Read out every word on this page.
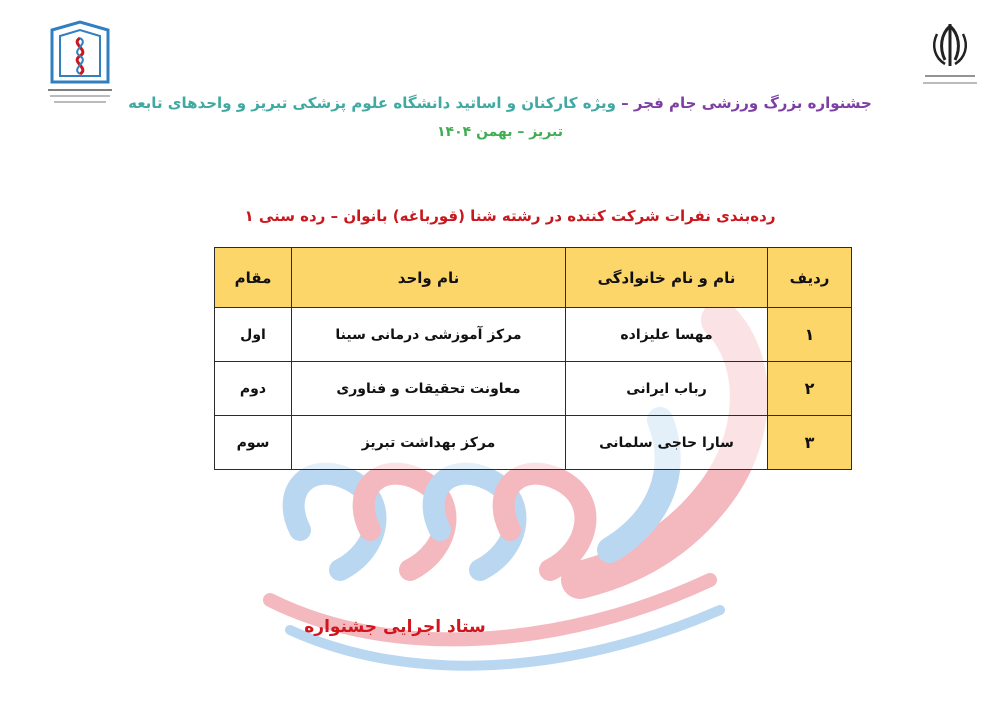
جشنواره بزرگ ورزشی جام فجر – ویژه کارکنان و اساتید دانشگاه علوم پزشکی تبریز و واحدهای تابعه
تبریز – بهمن ۱۴۰۴
رده‌بندی نفرات شرکت کننده در رشته شنا (قورباغه) بانوان – رده سنی ۱
ردیف	نام و نام خانوادگی	نام واحد	مقام
۱	مهسا علیزاده	مرکز آموزشی درمانی سینا	اول
۲	رباب ایرانی	معاونت تحقیقات و فناوری	دوم
۳	سارا حاجی سلمانی	مرکز بهداشت تبریز	سوم
ستاد اجرایی جشنواره
